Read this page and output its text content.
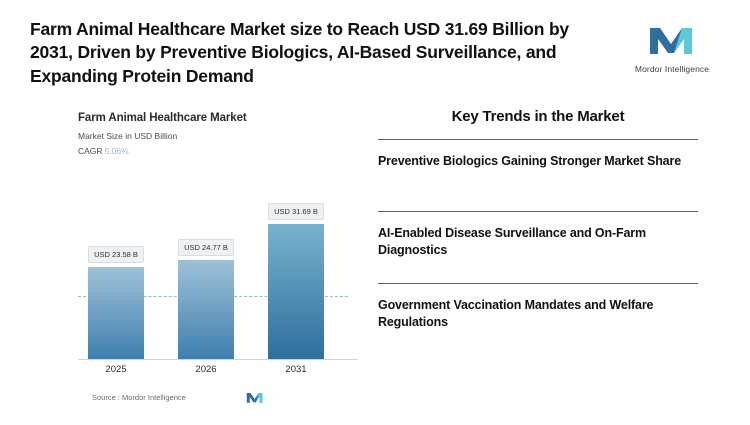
Farm Animal Healthcare Market size to Reach USD 31.69 Billion by 2031, Driven by Preventive Biologics, AI-Based Surveillance, and Expanding Protein Demand	Mordor Intelligence
Farm Animal Healthcare Market
Market Size in USD Billion
CAGR 5.06%
USD 23.58 B
USD 24.77 B
USD 31.69 B
2025	2026	2031
Source : Mordor Intelligence
Key Trends in the Market
Preventive Biologics Gaining Stronger Market Share
AI-Enabled Disease Surveillance and On-Farm Diagnostics
Government Vaccination Mandates and Welfare Regulations
